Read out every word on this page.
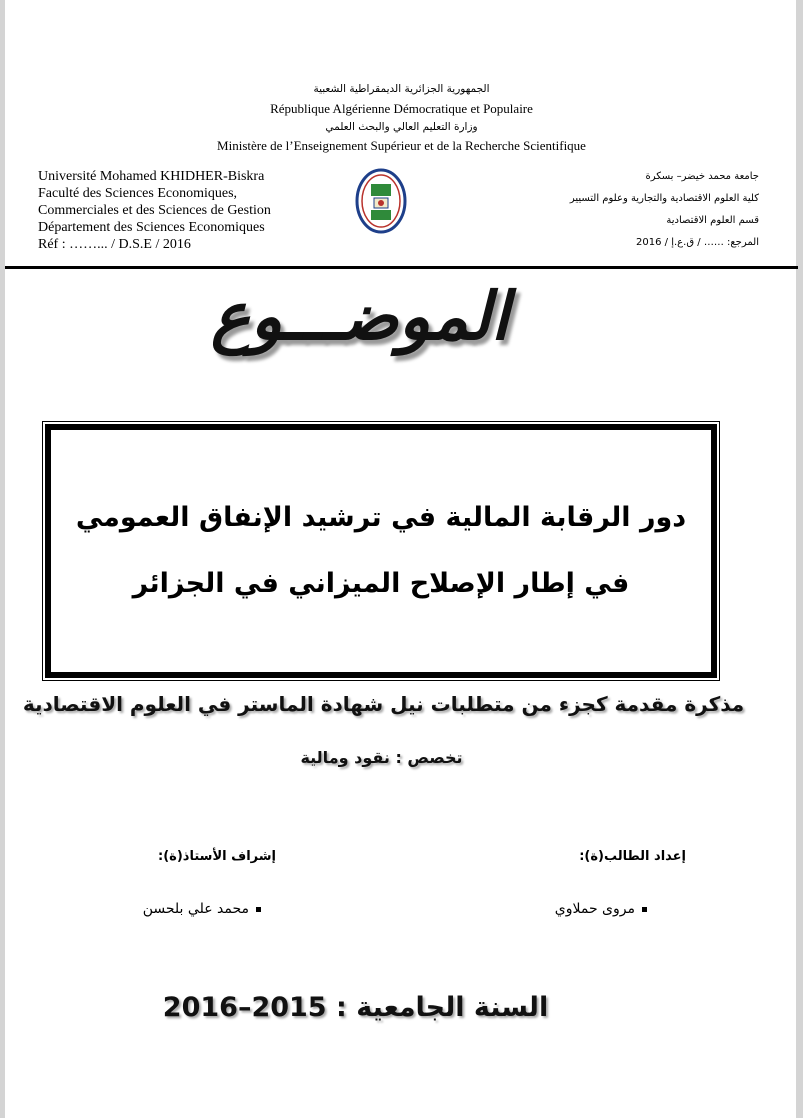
الجمهورية الجزائرية الديمقراطية الشعبية
République Algérienne Démocratique et Populaire
وزارة التعليم العالي والبحث العلمي
Ministère de l’Enseignement Supérieur et de la Recherche Scientifique
Université Mohamed KHIDHER-Biskra
Faculté des Sciences Economiques,
Commerciales et des Sciences de Gestion
Département des Sciences Economiques
Réf : ……... / D.S.E / 2016
جامعة محمد خيضر– بسكرة
كلية العلوم الاقتصادية والتجارية وعلوم التسيير
قسم العلوم الاقتصادية
المرجع: …… / ق.ع.إ / 2016
الموضـــوع
دور الرقابة المالية في ترشيد الإنفاق العمومي
في إطار الإصلاح الميزاني في الجزائر
مذكرة مقدمة كجزء من متطلبات نيل شهادة الماستر في العلوم الاقتصادية
تخصص : نقود ومالية
إعداد الطالب(ة):
إشراف الأستاذ(ة):
مروى حملاوي
محمد علي بلحسن
السنة الجامعية : 2015–2016
